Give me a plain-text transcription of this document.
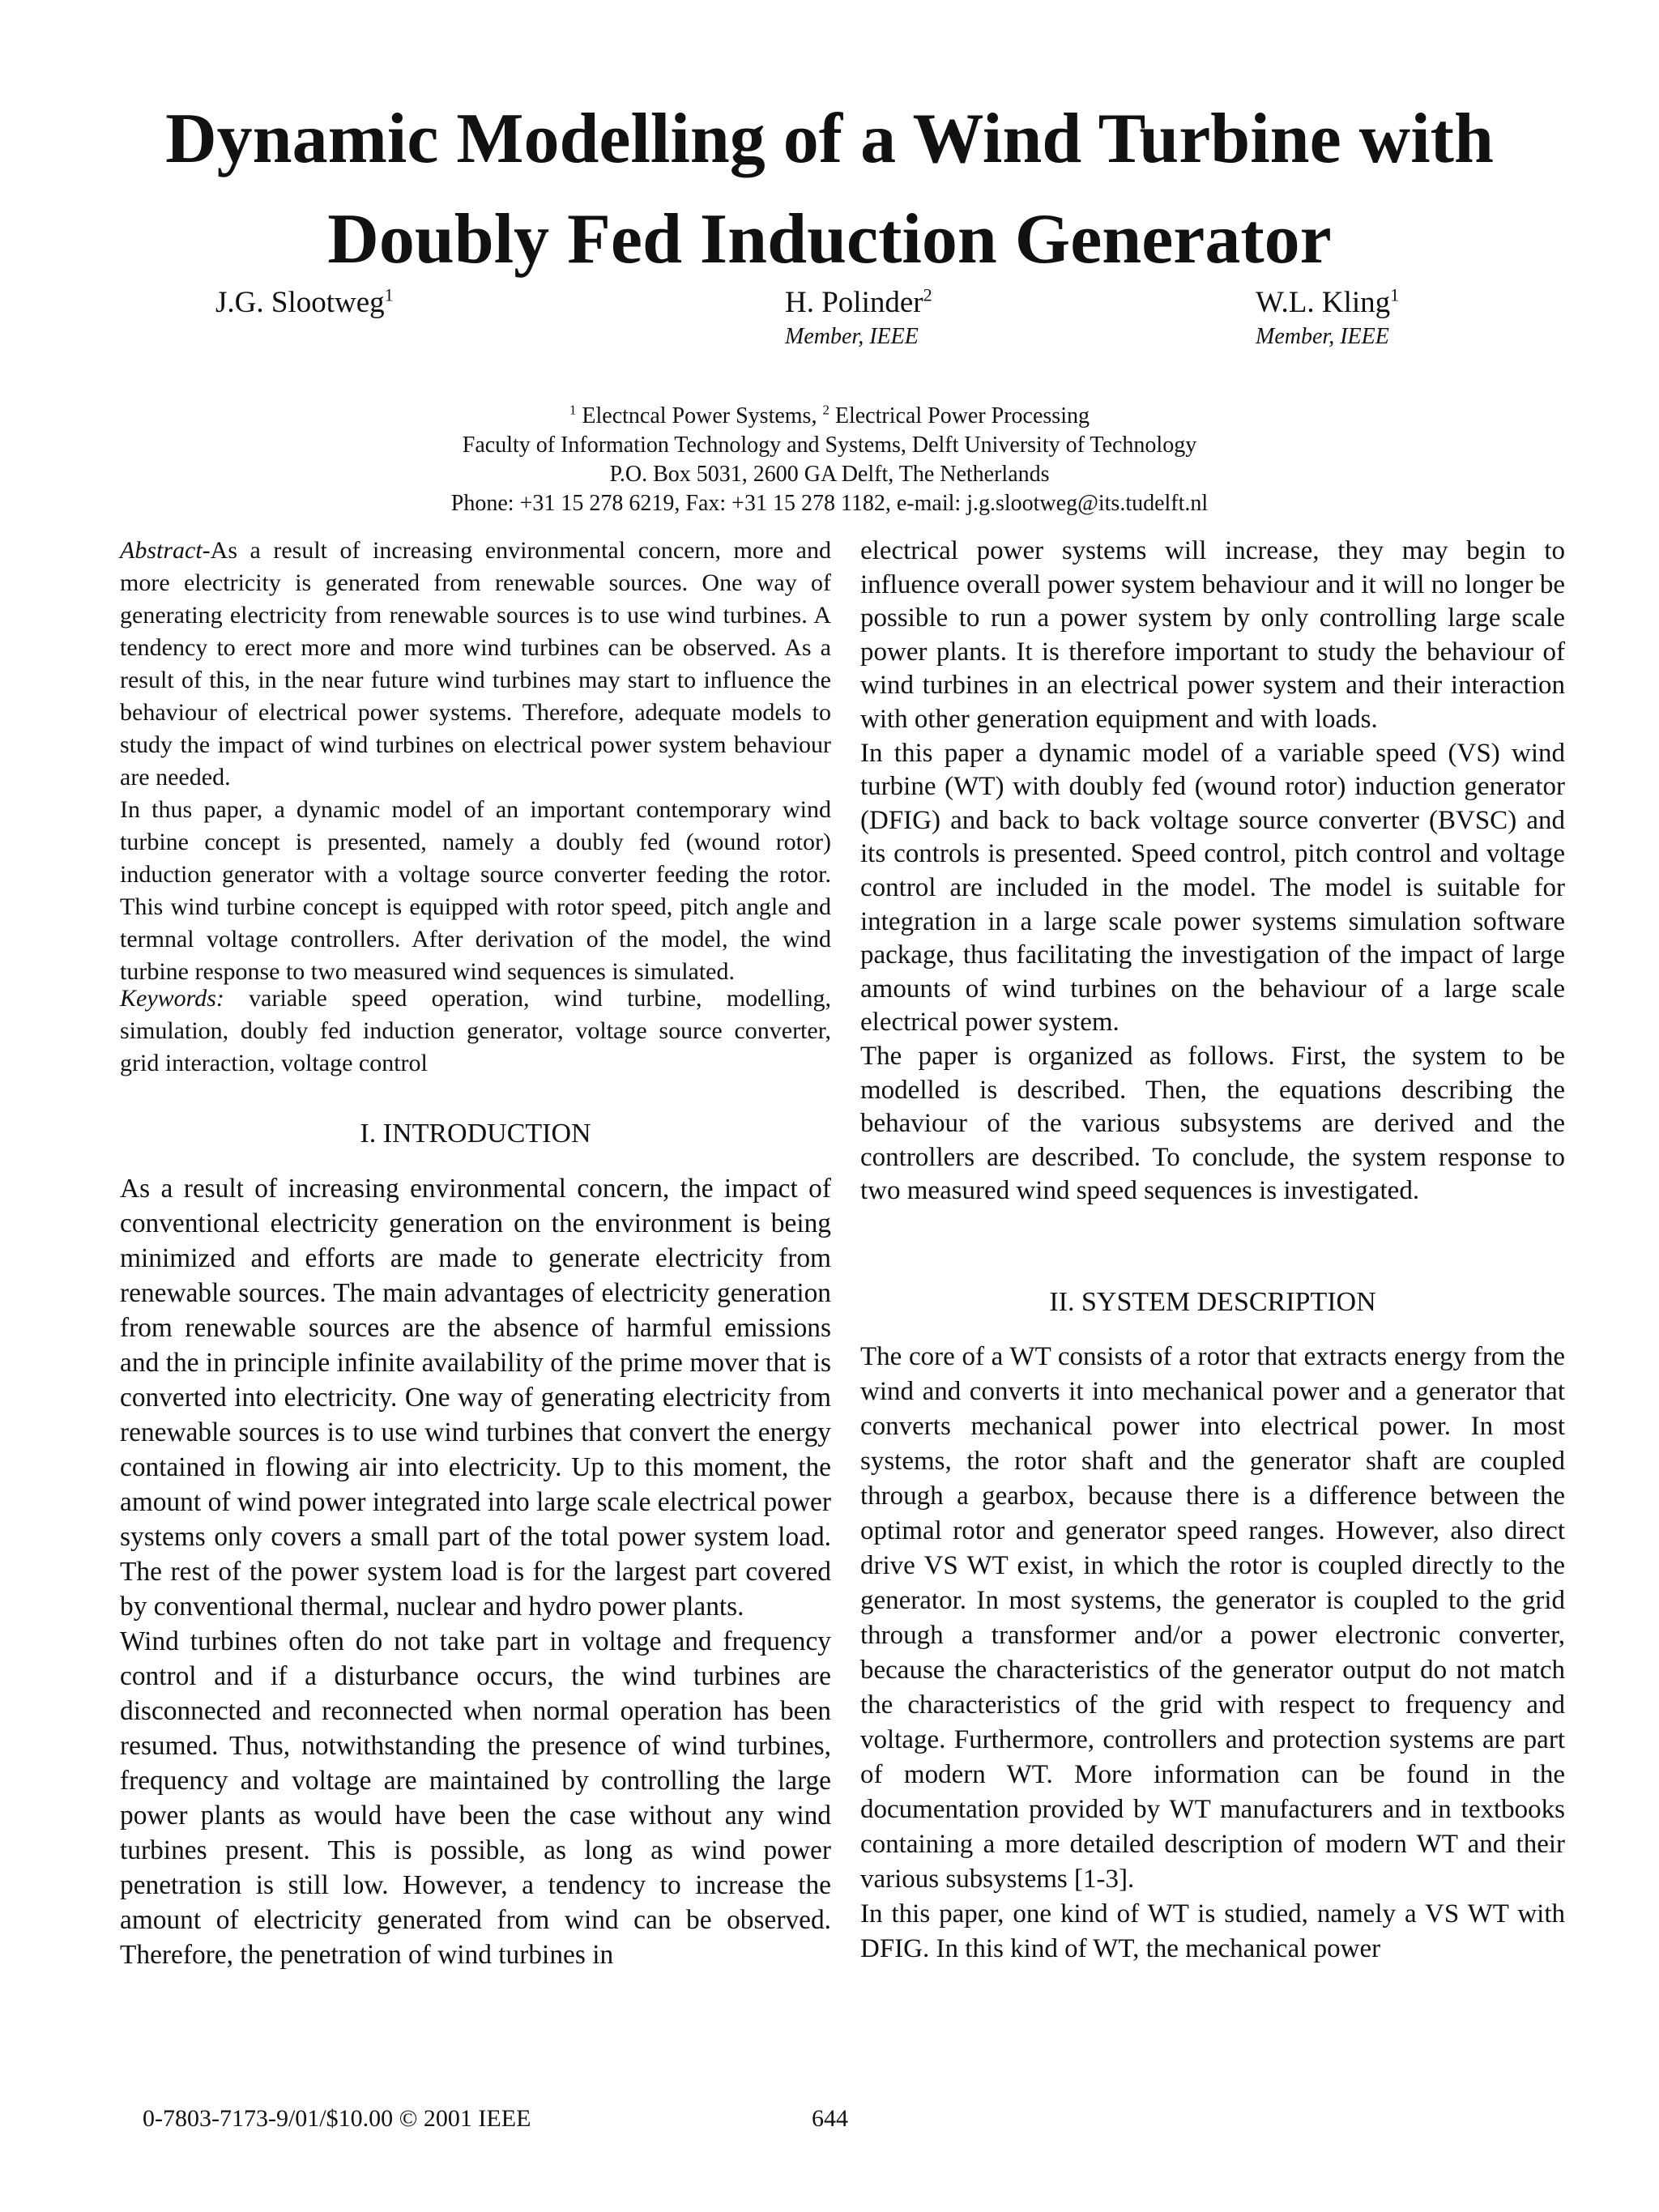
Dynamic Modelling of a Wind Turbine with
Doubly Fed Induction Generator
J.G. Slootweg$^1$	H. Polinder$^2$
Member, IEEE
W.L. Kling$^1$
Member, IEEE
$^1$ Electncal Power Systems, $^2$ Electrical Power Processing
Faculty of Information Technology and Systems, Delft University of Technology
P.O. Box 5031, 2600 GA Delft, The Netherlands
Phone: +31 15 278 6219, Fax: +31 15 278 1182, e-mail: j.g.slootweg@its.tudelft.nl

Abstract-As a result of increasing environmental concern, more and more electricity is generated from renewable sources. One way of generating electricity from renewable sources is to use wind turbines. A tendency to erect more and more wind turbines can be observed. As a result of this, in the near future wind turbines may start to influence the behaviour of electrical power systems. Therefore, adequate models to study the impact of wind turbines on electrical power system behaviour are needed.

In thus paper, a dynamic model of an important contemporary wind turbine concept is presented, namely a doubly fed (wound rotor) induction generator with a voltage source converter feeding the rotor. This wind turbine concept is equipped with rotor speed, pitch angle and termnal voltage controllers. After derivation of the model, the wind turbine response to two measured wind sequences is simulated.

Keywords: variable speed operation, wind turbine, modelling, simulation, doubly fed induction generator, voltage source converter, grid interaction, voltage control

I. INTRODUCTION

As a result of increasing environmental concern, the impact of conventional electricity generation on the environment is being minimized and efforts are made to generate electricity from renewable sources. The main advantages of electricity generation from renewable sources are the absence of harmful emissions and the in principle infinite availability of the prime mover that is converted into electricity. One way of generating electricity from renewable sources is to use wind turbines that convert the energy contained in flowing air into electricity. Up to this moment, the amount of wind power integrated into large scale electrical power systems only covers a small part of the total power system load. The rest of the power system load is for the largest part covered by conventional thermal, nuclear and hydro power plants.

Wind turbines often do not take part in voltage and frequency control and if a disturbance occurs, the wind turbines are disconnected and reconnected when normal operation has been resumed. Thus, notwithstanding the presence of wind turbines, frequency and voltage are maintained by controlling the large power plants as would have been the case without any wind turbines present. This is possible, as long as wind power penetration is still low. However, a tendency to increase the amount of electricity generated from wind can be observed. Therefore, the penetration of wind turbines in

electrical power systems will increase, they may begin to influence overall power system behaviour and it will no longer be possible to run a power system by only controlling large scale power plants. It is therefore important to study the behaviour of wind turbines in an electrical power system and their interaction with other generation equipment and with loads.

In this paper a dynamic model of a variable speed (VS) wind turbine (WT) with doubly fed (wound rotor) induction generator (DFIG) and back to back voltage source converter (BVSC) and its controls is presented. Speed control, pitch control and voltage control are included in the model. The model is suitable for integration in a large scale power systems simulation software package, thus facilitating the investigation of the impact of large amounts of wind turbines on the behaviour of a large scale electrical power system.

The paper is organized as follows. First, the system to be modelled is described. Then, the equations describing the behaviour of the various subsystems are derived and the controllers are described. To conclude, the system response to two measured wind speed sequences is investigated.

II. SYSTEM DESCRIPTION

The core of a WT consists of a rotor that extracts energy from the wind and converts it into mechanical power and a generator that converts mechanical power into electrical power. In most systems, the rotor shaft and the generator shaft are coupled through a gearbox, because there is a difference between the optimal rotor and generator speed ranges. However, also direct drive VS WT exist, in which the rotor is coupled directly to the generator. In most systems, the generator is coupled to the grid through a transformer and/or a power electronic converter, because the characteristics of the generator output do not match the characteristics of the grid with respect to frequency and voltage. Furthermore, controllers and protection systems are part of modern WT. More information can be found in the documentation provided by WT manufacturers and in textbooks containing a more detailed description of modern WT and their various subsystems [1-3].

In this paper, one kind of WT is studied, namely a VS WT with DFIG. In this kind of WT, the mechanical power

0-7803-7173-9/01/$10.00 © 2001 IEEE	644
